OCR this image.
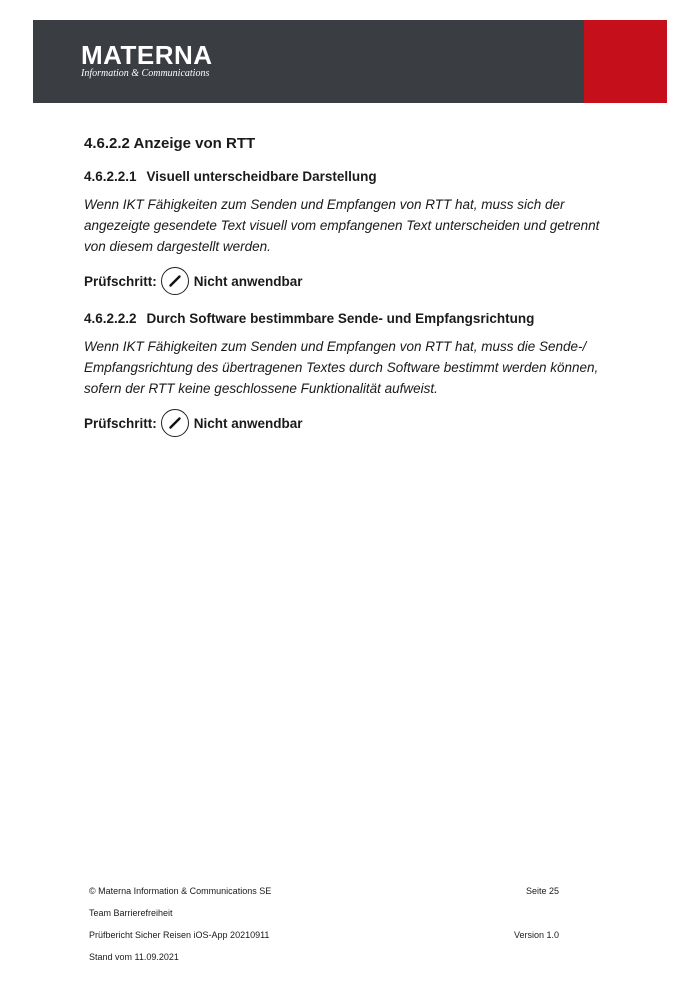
MATERNA
Information & Communications
4.6.2.2 Anzeige von RTT
4.6.2.2.1 Visuell unterscheidbare Darstellung

Wenn IKT Fähigkeiten zum Senden und Empfangen von RTT hat, muss sich der angezeigte gesendete Text visuell vom empfangenen Text unterscheiden und getrennt von diesem dargestellt werden.

Prüfschritt:	Nicht anwendbar
4.6.2.2.2 Durch Software bestimmbare Sende- und Empfangsrichtung

Wenn IKT Fähigkeiten zum Senden und Empfangen von RTT hat, muss die Sende-/ Empfangsrichtung des übertragenen Textes durch Software bestimmt werden können, sofern der RTT keine geschlossene Funktionalität aufweist.

Prüfschritt:	Nicht anwendbar
© Materna Information & Communications SE	Seite 25
Team Barrierefreiheit
Prüfbericht Sicher Reisen iOS-App 20210911	Version 1.0
Stand vom 11.09.2021
